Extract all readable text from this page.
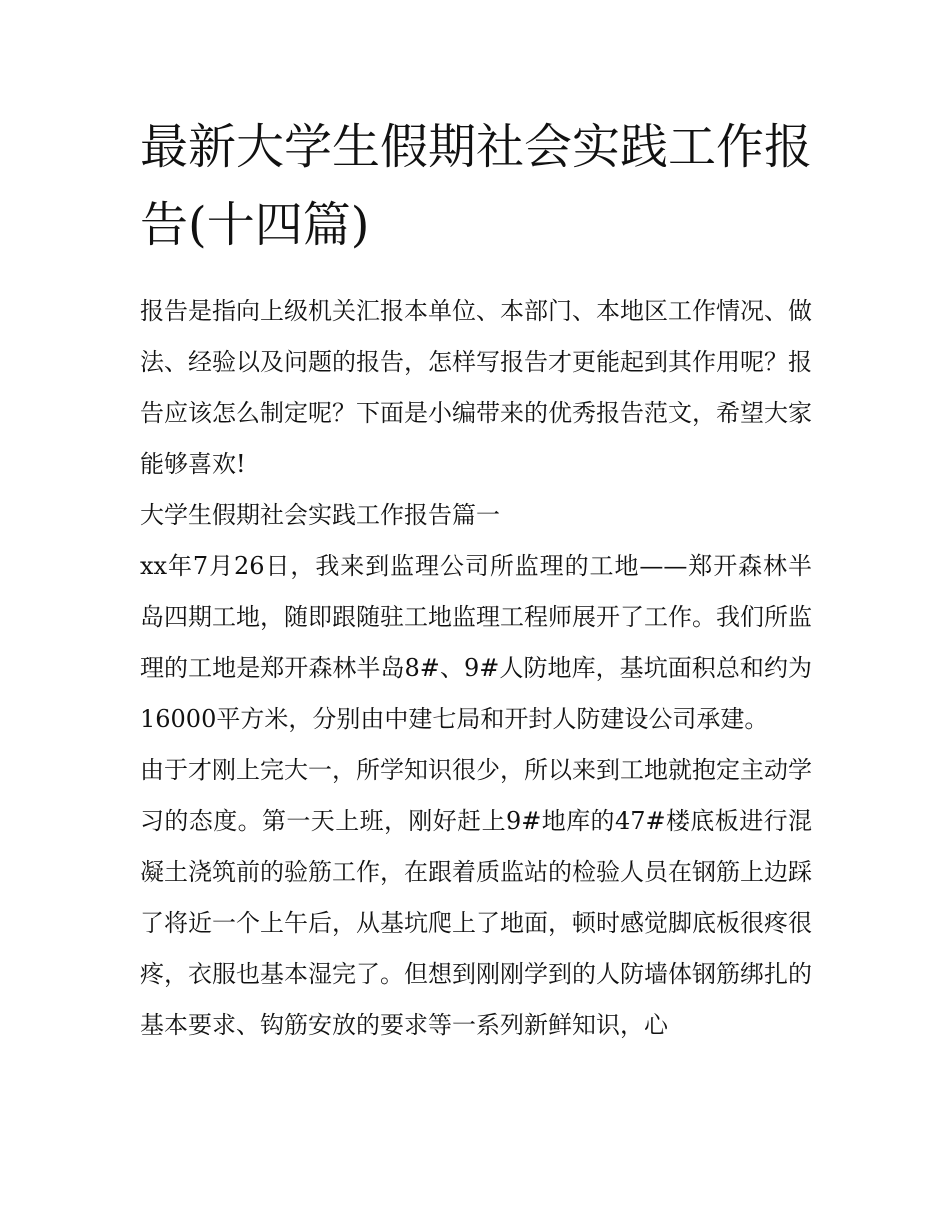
最新大学生假期社会实践工作报告(十四篇)

报告是指向上级机关汇报本单位、本部门、本地区工作情况、做法、经验以及问题的报告，怎样写报告才更能起到其作用呢？报告应该怎么制定呢？下面是小编带来的优秀报告范文，希望大家能够喜欢!

大学生假期社会实践工作报告篇一

xx年7月26日，我来到监理公司所监理的工地——郑开森林半岛四期工地，随即跟随驻工地监理工程师展开了工作。我们所监理的工地是郑开森林半岛8#、9#人防地库，基坑面积总和约为16000平方米，分别由中建七局和开封人防建设公司承建。

由于才刚上完大一，所学知识很少，所以来到工地就抱定主动学习的态度。第一天上班，刚好赶上9#地库的47#楼底板进行混凝土浇筑前的验筋工作，在跟着质监站的检验人员在钢筋上边踩了将近一个上午后，从基坑爬上了地面，顿时感觉脚底板很疼很疼，衣服也基本湿完了。但想到刚刚学到的人防墙体钢筋绑扎的基本要求、钩筋安放的要求等一系列新鲜知识，心
